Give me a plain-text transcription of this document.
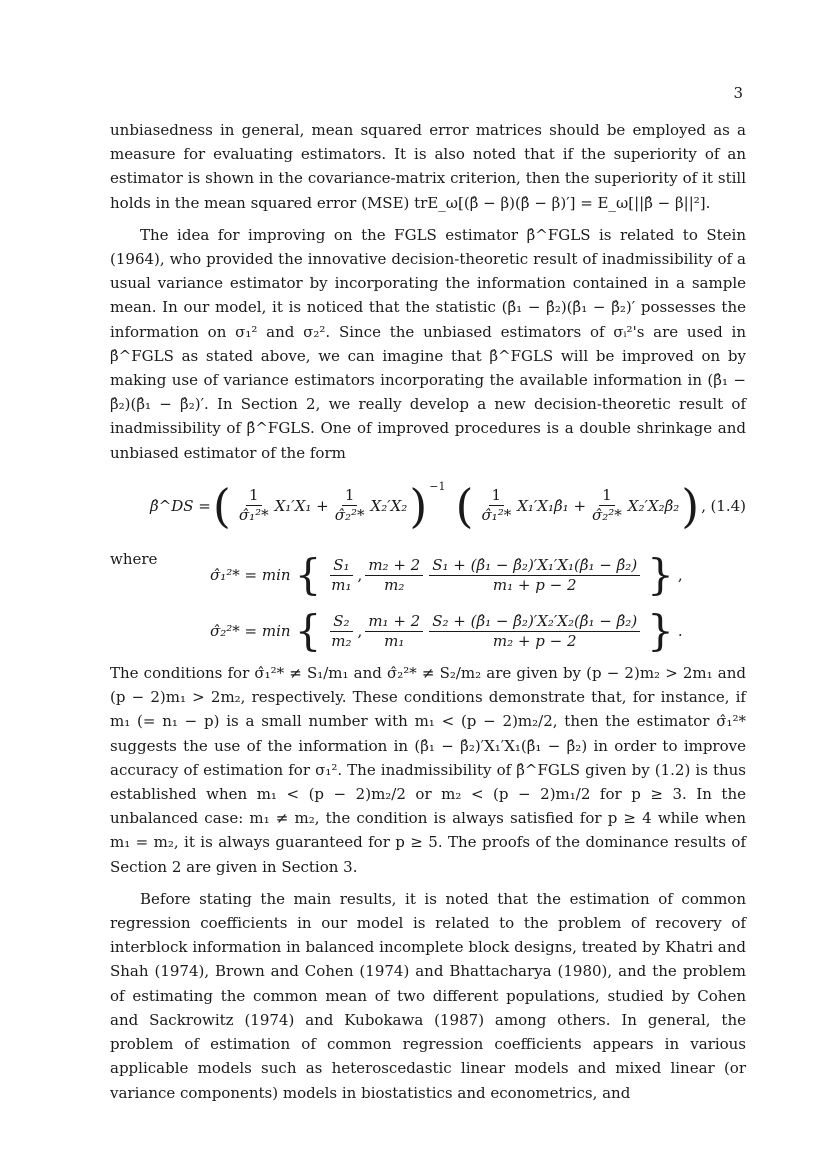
3

unbiasedness in general, mean squared error matrices should be employed as a measure for evaluating estimators. It is also noted that if the superiority of an estimator is shown in the covariance-matrix criterion, then the superiority of it still holds in the mean squared error (MSE) trE_ω[(β̂ − β)(β̂ − β)′] = E_ω[||β̂ − β||²].

The idea for improving on the FGLS estimator β̂^FGLS is related to Stein (1964), who provided the innovative decision-theoretic result of inadmissibility of a usual variance estimator by incorporating the information contained in a sample mean. In our model, it is noticed that the statistic (β̂₁ − β̂₂)(β̂₁ − β̂₂)′ possesses the information on σ₁² and σ₂². Since the unbiased estimators of σᵢ²'s are used in β̂^FGLS as stated above, we can imagine that β̂^FGLS will be improved on by making use of variance estimators incorporating the available information in (β̂₁ − β̂₂)(β̂₁ − β̂₂)′. In Section 2, we really develop a new decision-theoretic result of inadmissibility of β̂^FGLS. One of improved procedures is a double shrinkage and unbiased estimator of the form

β̂^DS = ( $\frac{1}{\text{σ̂₁²*}} X_1'X_1 + \frac{1}{\text{σ̂₂²*}} X_2'X_2$ )$^{-1}$ ( $\frac{1}{\text{σ̂₁²*}}$ X₁′X₁β̂₁ + $\frac{1}{\text{σ̂₂²*}}$ X₂′X₂β̂₂ ) , (1.4)

where

σ̂₁²* = min { $\frac{\text{S₁}}{\text{m₁}}$ , $\frac{\text{m₂ + 2}}{\text{m₂}} \frac{\text{S₁ + (β̂₁ − β̂₂)′X₁′X₁(β̂₁ − β̂₂)}}{\text{m₁ + p − 2}}$ } ,
σ̂₂²* = min { $\frac{\text{S₂}}{\text{m₂}}$ , $\frac{\text{m₁ + 2}}{\text{m₁}} \frac{\text{S₂ + (β̂₁ − β̂₂)′X₂′X₂(β̂₁ − β̂₂)}}{\text{m₂ + p − 2}}$ } .

The conditions for σ̂₁²* ≠ S₁/m₁ and σ̂₂²* ≠ S₂/m₂ are given by (p − 2)m₂ > 2m₁ and (p − 2)m₁ > 2m₂, respectively. These conditions demonstrate that, for instance, if m₁ (= n₁ − p) is a small number with m₁ < (p − 2)m₂/2, then the estimator σ̂₁²* suggests the use of the information in (β̂₁ − β̂₂)′X₁′X₁(β̂₁ − β̂₂) in order to improve accuracy of estimation for σ₁². The inadmissibility of β̂^FGLS given by (1.2) is thus established when m₁ < (p − 2)m₂/2 or m₂ < (p − 2)m₁/2 for p ≥ 3. In the unbalanced case: m₁ ≠ m₂, the condition is always satisfied for p ≥ 4 while when m₁ = m₂, it is always guaranteed for p ≥ 5. The proofs of the dominance results of Section 2 are given in Section 3.

Before stating the main results, it is noted that the estimation of common regression coefficients in our model is related to the problem of recovery of interblock information in balanced incomplete block designs, treated by Khatri and Shah (1974), Brown and Cohen (1974) and Bhattacharya (1980), and the problem of estimating the common mean of two different populations, studied by Cohen and Sackrowitz (1974) and Kubokawa (1987) among others. In general, the problem of estimation of common regression coefficients appears in various applicable models such as heteroscedastic linear models and mixed linear (or variance components) models in biostatistics and econometrics, and
